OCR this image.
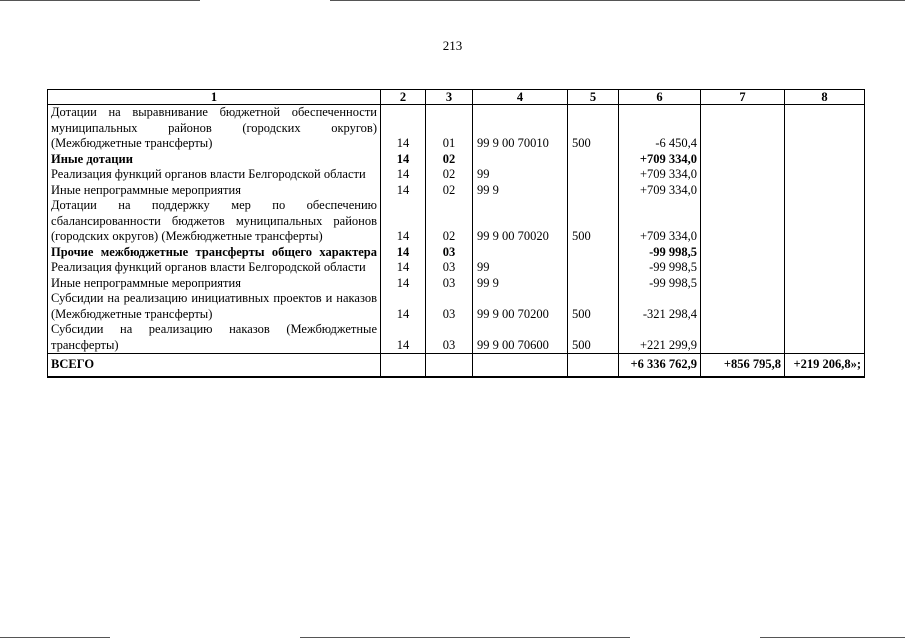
213
1	2	3	4	5	6	7	8
Дотации на выравнивание бюджетной обеспеченности муниципальных районов (городских округов) (Межбюджетные трансферты)	14	01	99 9 00 70010	500	-6 450,4		
Иные дотации	14	02			+709 334,0		
Реализация функций органов власти Белгородской области	14	02	99		+709 334,0		
Иные непрограммные мероприятия	14	02	99 9		+709 334,0		
Дотации на поддержку мер по обеспечению сбалансированности бюджетов муниципальных районов (городских округов) (Межбюджетные трансферты)	14	02	99 9 00 70020	500	+709 334,0		
Прочие межбюджетные трансферты общего характера	14	03			-99 998,5		
Реализация функций органов власти Белгородской области	14	03	99		-99 998,5		
Иные непрограммные мероприятия	14	03	99 9		-99 998,5		
Субсидии на реализацию инициативных проектов и наказов (Межбюджетные трансферты)	14	03	99 9 00 70200	500	-321 298,4		
Субсидии на реализацию наказов (Межбюджетные трансферты)	14	03	99 9 00 70600	500	+221 299,9		
ВСЕГО					+6 336 762,9	+856 795,8	+219 206,8»;
